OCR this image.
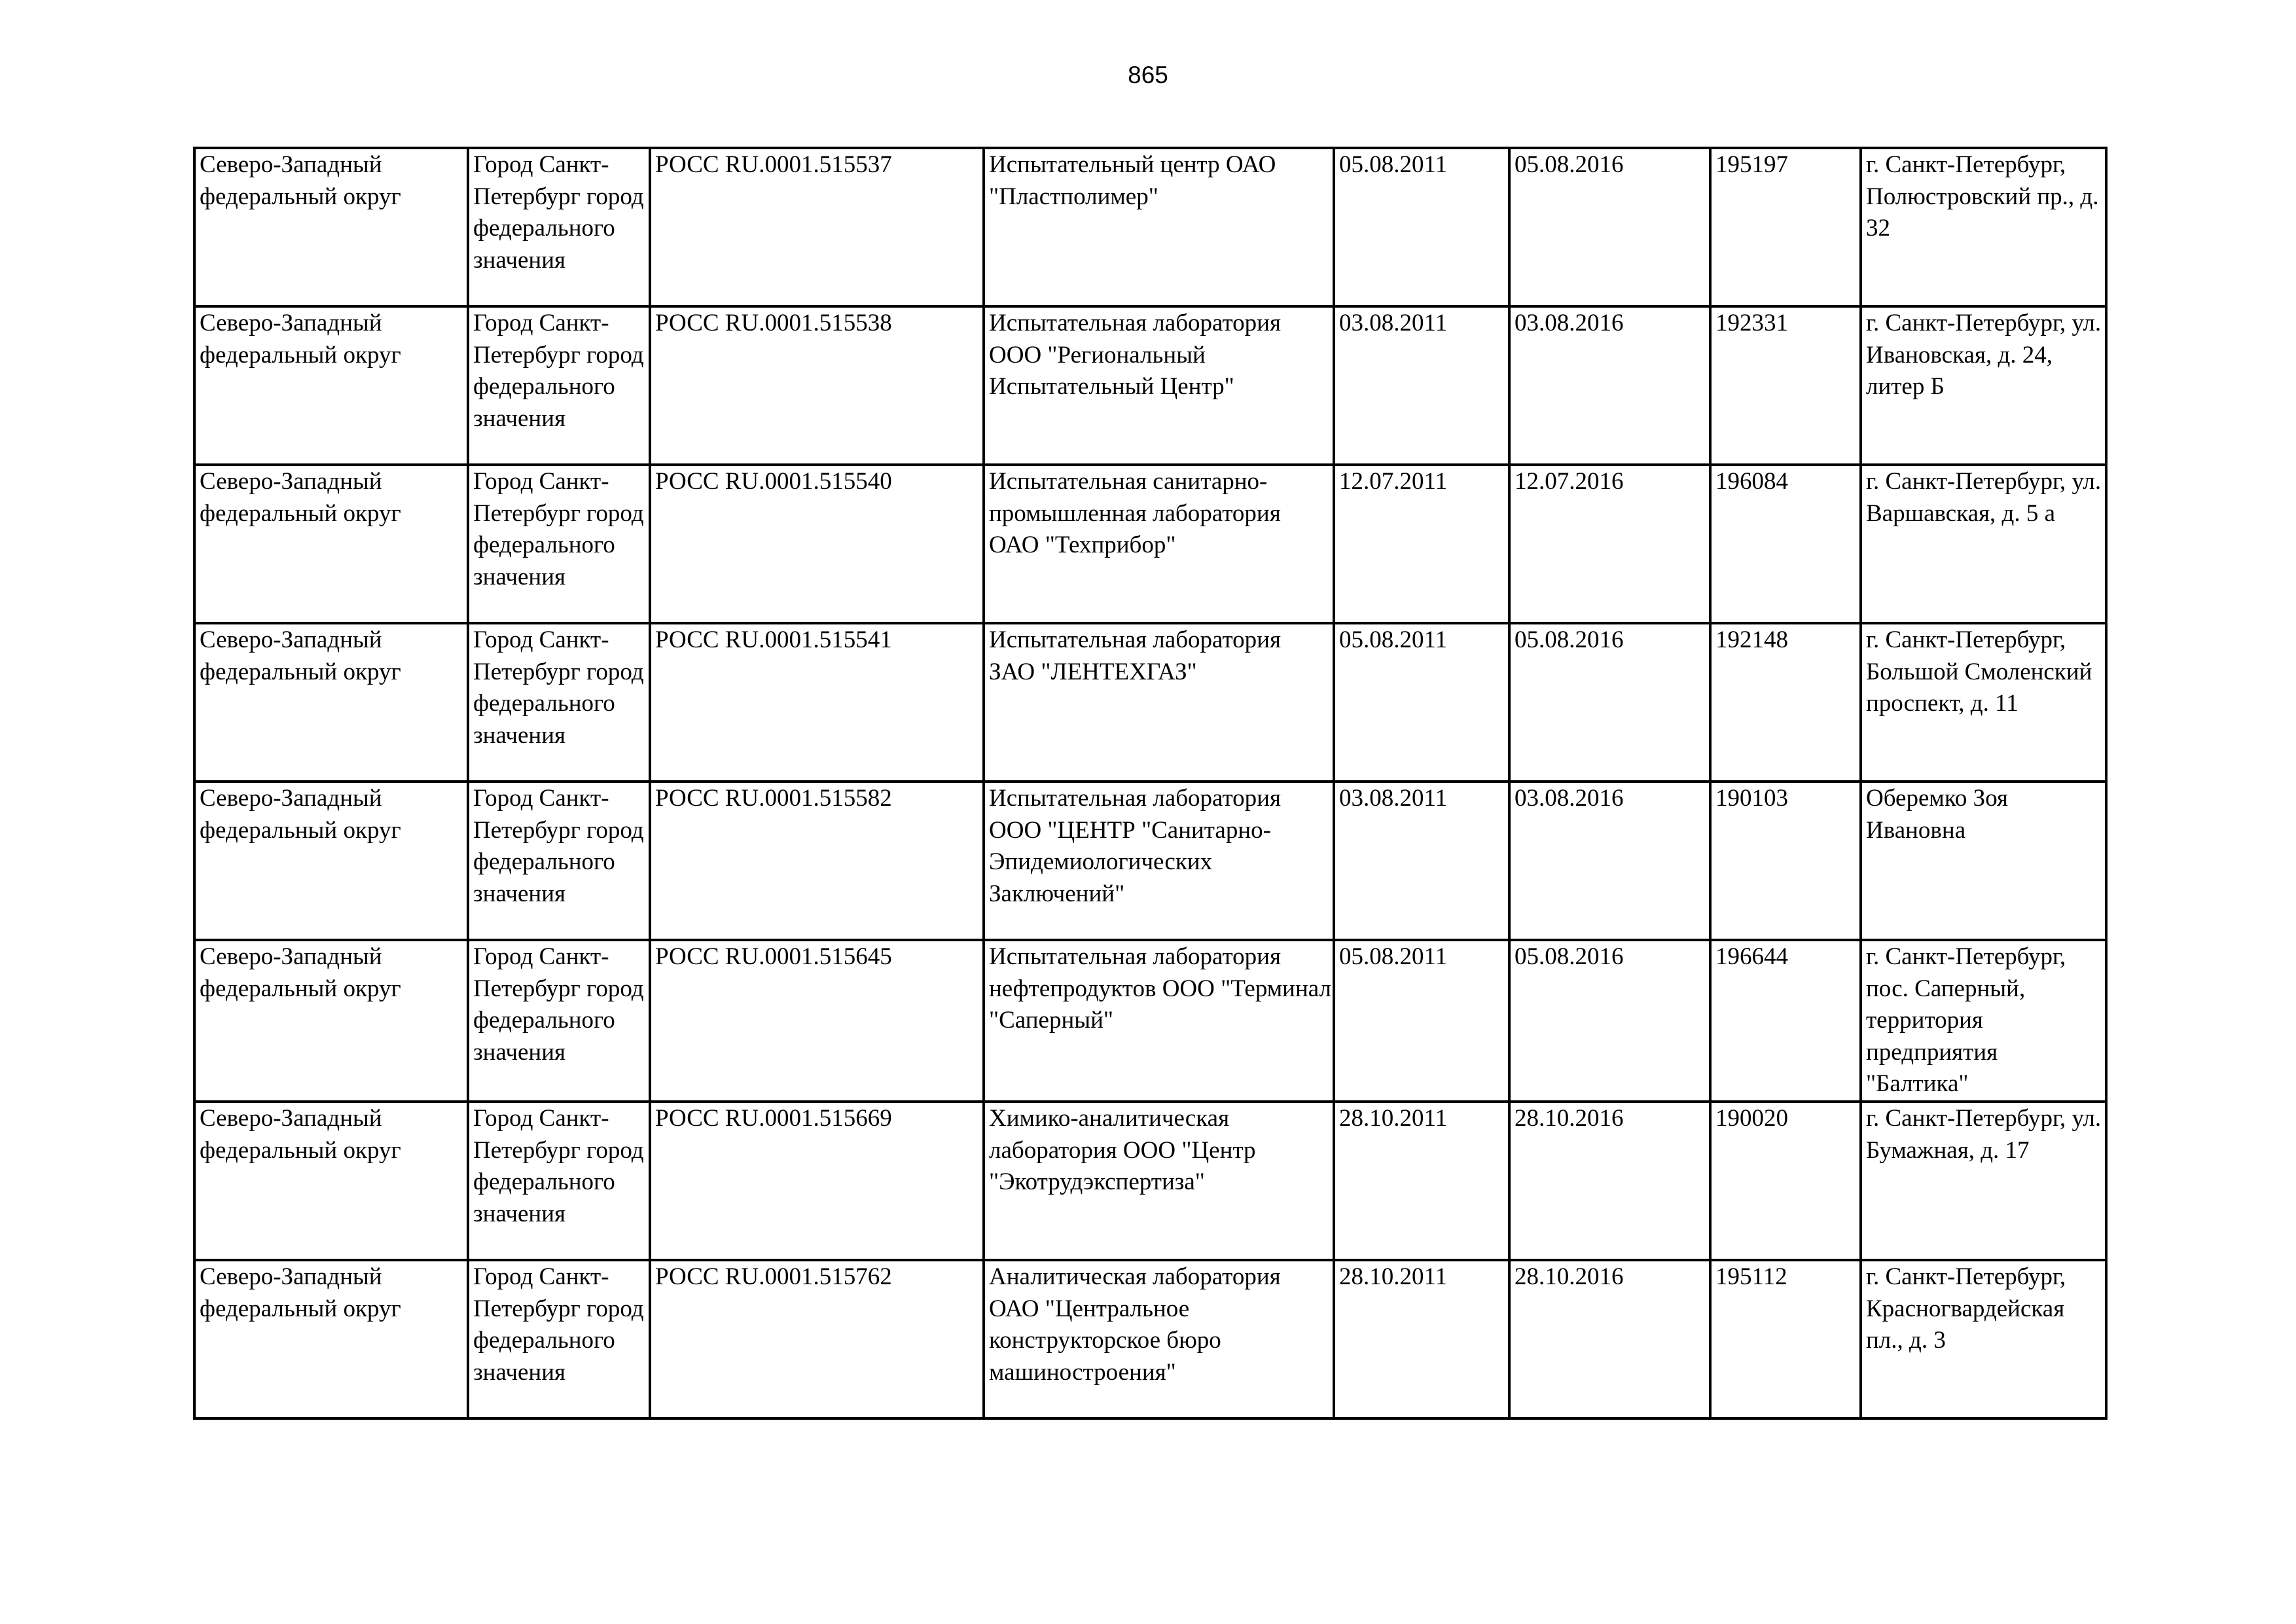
865
Северо-Западный федеральный округ	Город Санкт-Петербург город федерального значения	РОСС RU.0001.515537	Испытательный центр ОАО "Пластполимер"	05.08.2011	05.08.2016	195197	г. Санкт-Петербург, Полюстровский пр., д. 32
Северо-Западный федеральный округ	Город Санкт-Петербург город федерального значения	РОСС RU.0001.515538	Испытательная лаборатория ООО "Региональный Испытательный Центр"	03.08.2011	03.08.2016	192331	г. Санкт-Петербург, ул. Ивановская, д. 24, литер Б
Северо-Западный федеральный округ	Город Санкт-Петербург город федерального значения	РОСС RU.0001.515540	Испытательная санитарно-промышленная лаборатория ОАО "Техприбор"	12.07.2011	12.07.2016	196084	г. Санкт-Петербург, ул. Варшавская, д. 5 а
Северо-Западный федеральный округ	Город Санкт-Петербург город федерального значения	РОСС RU.0001.515541	Испытательная лаборатория ЗАО "ЛЕНТЕХГАЗ"	05.08.2011	05.08.2016	192148	г. Санкт-Петербург, Большой Смоленский проспект, д. 11
Северо-Западный федеральный округ	Город Санкт-Петербург город федерального значения	РОСС RU.0001.515582	Испытательная лаборатория ООО "ЦЕНТР "Санитарно-Эпидемиологических Заключений"	03.08.2011	03.08.2016	190103	Оберемко Зоя Ивановна
Северо-Западный федеральный округ	Город Санкт-Петербург город федерального значения	РОСС RU.0001.515645	Испытательная лаборатория нефтепродуктов ООО "Терминал "Саперный"	05.08.2011	05.08.2016	196644	г. Санкт-Петербург, пос. Саперный, территория предприятия "Балтика"
Северо-Западный федеральный округ	Город Санкт-Петербург город федерального значения	РОСС RU.0001.515669	Химико-аналитическая лаборатория ООО "Центр "Экотрудэкспертиза"	28.10.2011	28.10.2016	190020	г. Санкт-Петербург, ул. Бумажная, д. 17
Северо-Западный федеральный округ	Город Санкт-Петербург город федерального значения	РОСС RU.0001.515762	Аналитическая лаборатория ОАО "Центральное конструкторское бюро машиностроения"	28.10.2011	28.10.2016	195112	г. Санкт-Петербург, Красногвардейская пл., д. 3
